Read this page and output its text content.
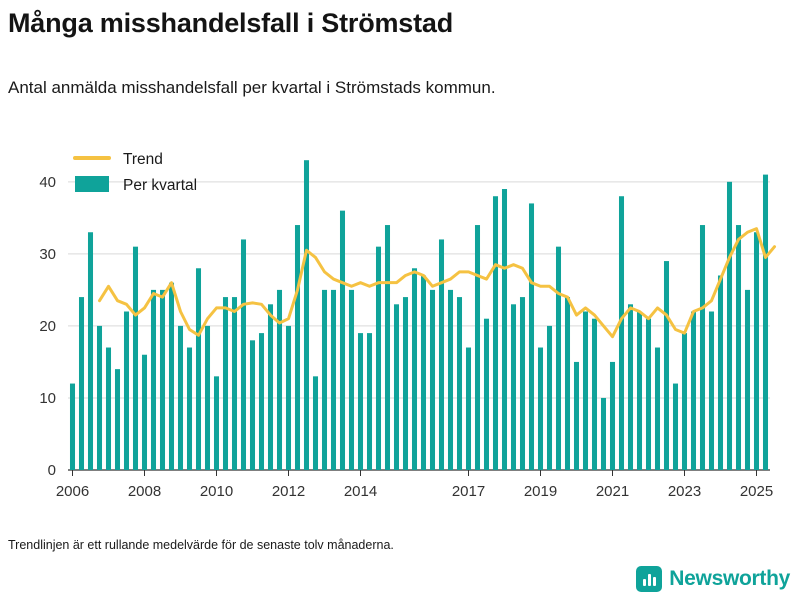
Många misshandelsfall i Strömstad
Antal anmälda misshandelsfall per kvartal i Strömstads kommun.
0
10
20
30
40
2006	2008	2010	2012	2014	2017	2019	2021	2023	2025
Trend
Per kvartal
Trendlinjen är ett rullande medelvärde för de senaste tolv månaderna.
Newsworthy
